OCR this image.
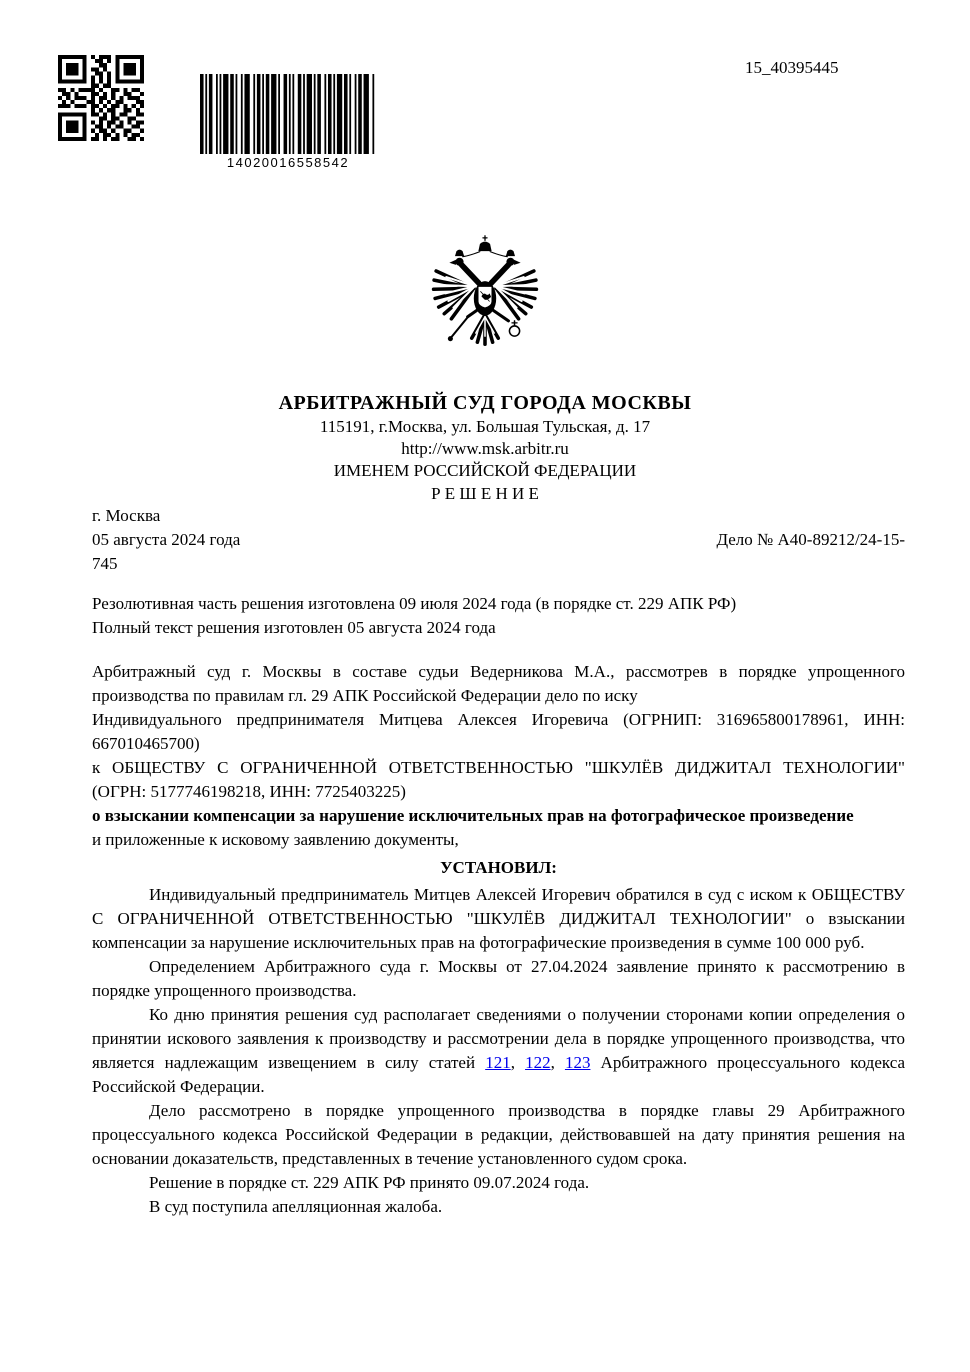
14020016558542
15_40395445
АРБИТРАЖНЫЙ СУД ГОРОДА МОСКВЫ
115191, г.Москва, ул. Большая Тульская, д. 17
http://www.msk.arbitr.ru
ИМЕНЕМ РОССИЙСКОЙ ФЕДЕРАЦИИ
Р Е Ш Е Н И Е
г. Москва
05 августа 2024 года	Дело № А40-89212/24-15-
745
Резолютивная часть решения изготовлена 09 июля 2024 года (в порядке ст. 229 АПК РФ)
Полный текст решения изготовлен 05 августа 2024 года
Арбитражный суд г. Москвы в составе судьи Ведерникова М.А., рассмотрев в порядке упрощенного производства по правилам гл. 29 АПК Российской Федерации дело по иску
Индивидуального предпринимателя Митцева Алексея Игоревича (ОГРНИП: 316965800178961, ИНН: 667010465700)
к ОБЩЕСТВУ С ОГРАНИЧЕННОЙ ОТВЕТСТВЕННОСТЬЮ "ШКУЛЁВ ДИДЖИТАЛ ТЕХНОЛОГИИ" (ОГРН: 5177746198218, ИНН: 7725403225)
о взыскании компенсации за нарушение исключительных прав на фотографическое произведение
и приложенные к исковому заявлению документы,
УСТАНОВИЛ:

Индивидуальный предприниматель Митцев Алексей Игоревич обратился в суд с иском к ОБЩЕСТВУ С ОГРАНИЧЕННОЙ ОТВЕТСТВЕННОСТЬЮ "ШКУЛЁВ ДИДЖИТАЛ ТЕХНОЛОГИИ" о взыскании компенсации за нарушение исключительных прав на фотографические произведения в сумме 100 000 руб.

Определением Арбитражного суда г. Москвы от 27.04.2024 заявление принято к рассмотрению в порядке упрощенного производства.

Ко дню принятия решения суд располагает сведениями о получении сторонами копии определения о принятии искового заявления к производству и рассмотрении дела в порядке упрощенного производства, что является надлежащим извещением в силу статей 121, 122, 123 Арбитражного процессуального кодекса Российской Федерации.

Дело рассмотрено в порядке упрощенного производства в порядке главы 29 Арбитражного процессуального кодекса Российской Федерации в редакции, действовавшей на дату принятия решения на основании доказательств, представленных в течение установленного судом срока.

Решение в порядке ст. 229 АПК РФ принято 09.07.2024 года.

В суд поступила апелляционная жалоба.
